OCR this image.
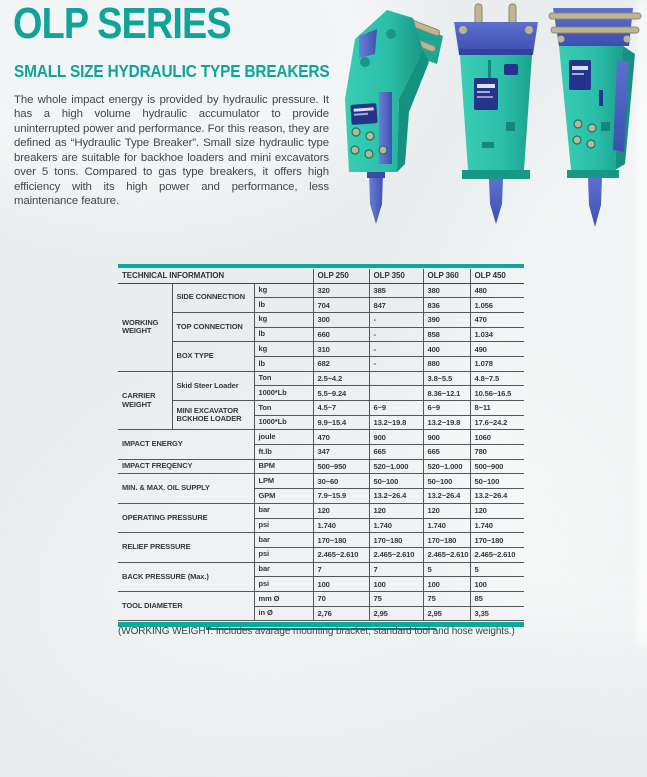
OLP SERIES
SMALL SIZE HYDRAULIC TYPE BREAKERS
The whole impact energy is provided by hydraulic pressure. It has a high volume hydraulic accumulator to provide uninterrupted power and performance. For this reason, they are defined as “Hydraulic Type Breaker”. Small size hydraulic type breakers are suitable for backhoe loaders and mini excavators over 5 tons. Compared to gas type breakers, it offers high efficiency with its high power and performance, less maintenance feature.
TECHNICAL INFORMATION			OLP 250	OLP 350	OLP 360	OLP 450
WORKING WEIGHT	SIDE CONNECTION	kg	320	385	380	480
		lb	704	847	836	1.056
	TOP CONNECTION	kg	300	-	390	470
		lb	660	-	858	1.034
	BOX TYPE	kg	310	-	400	490
		lb	682	-	880	1.078
CARRIER WEIGHT	Skid Steer Loader	Ton	2.5~4.2		3.8~5.5	4.8~7.5
		1000*Lb	5.5~9.24		8.36~12.1	10.56~16.5
	MINI EXCAVATOR BCKHOE LOADER	Ton	4.5~7	6~9	6~9	8~11
		1000*Lb	9.9~15.4	13.2~19.8	13.2~19.8	17.6~24.2
IMPACT ENERGY		joule	470	900	900	1060
		ft.lb	347	665	665	780
IMPACT FREQENCY		BPM	500~950	520~1.000	520~1.000	500~900
MIN. & MAX. OIL SUPPLY		LPM	30~60	50~100	50~100	50~100
		GPM	7.9~15.9	13.2~26.4	13.2~26.4	13.2~26.4
OPERATING PRESSURE		bar	120	120	120	120
		psi	1.740	1.740	1.740	1.740
RELIEF PRESSURE		bar	170~180	170~180	170~180	170~180
		psi	2.465~2.610	2.465~2.610	2.465~2.610	2.465~2.610
BACK PRESSURE (Max.)		bar	7	7	5	5
		psi	100	100	100	100
TOOL DIAMETER		mm Ø	70	75	75	85
		in Ø	2,76	2,95	2,95	3,35
(WORKING WEIGHT: Includes avarage mounting bracket, standard tool and hose weights.)
